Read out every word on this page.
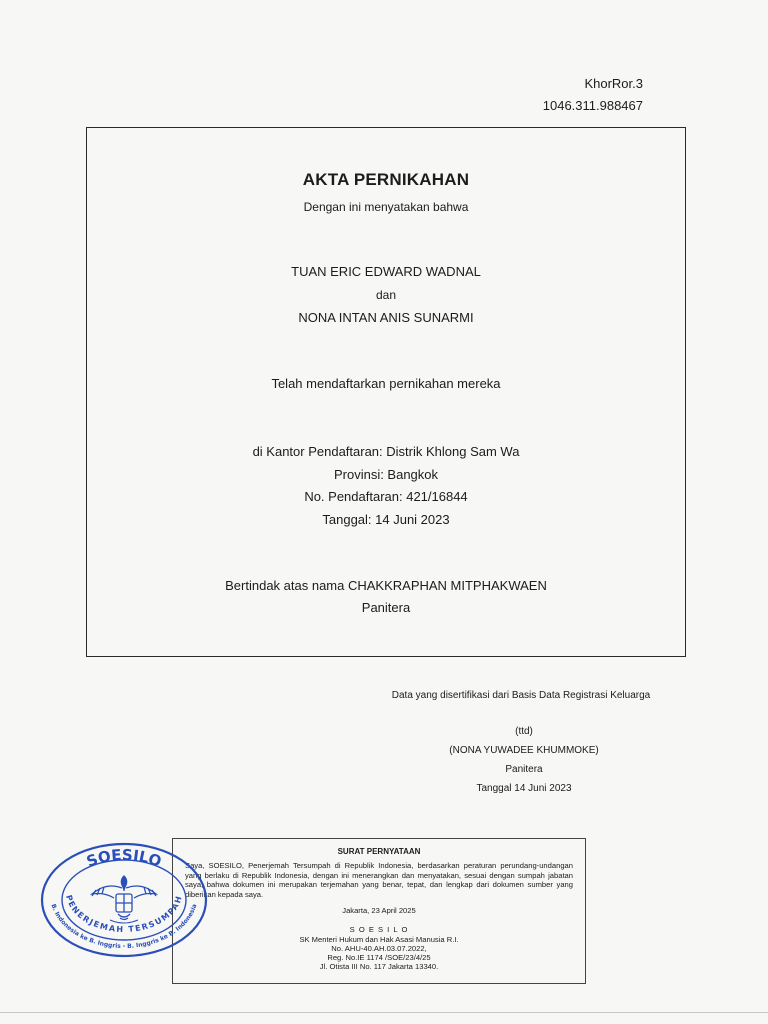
KhorRor.3
1046.311.988467
AKTA PERNIKAHAN
Dengan ini menyatakan bahwa
TUAN ERIC EDWARD WADNAL
dan
NONA INTAN ANIS SUNARMI
Telah mendaftarkan pernikahan mereka
di Kantor Pendaftaran: Distrik Khlong Sam Wa
Provinsi: Bangkok
No. Pendaftaran: 421/16844
Tanggal: 14 Juni 2023
Bertindak atas nama CHAKKRAPHAN MITPHAKWAEN
Panitera
Data yang disertifikasi dari Basis Data Registrasi Keluarga
(ttd)
(NONA YUWADEE KHUMMOKE)
Panitera
Tanggal 14 Juni 2023
SURAT PERNYATAAN
Saya, SOESILO, Penerjemah Tersumpah di Republik Indonesia, berdasarkan peraturan perundang-undangan yang berlaku di Republik Indonesia, dengan ini menerangkan dan menyatakan, sesuai dengan sumpah jabatan saya, bahwa dokumen ini merupakan terjemahan yang benar, tepat, dan lengkap dari dokumen sumber yang diberikan kepada saya.
Jakarta, 23 April 2025
S O E S I L O
SK Menteri Hukum dan Hak Asasi Manusia R.I.
No. AHU-40.AH.03.07.2022,
Reg. No.IE 1174 /SOE/23/4/25
Jl. Otista III No. 117 Jakarta 13340.
SOESILO
PENERJEMAH TERSUMPAH
B. Indonesia ke B. Inggris - B. Inggris ke B. Indonesia
